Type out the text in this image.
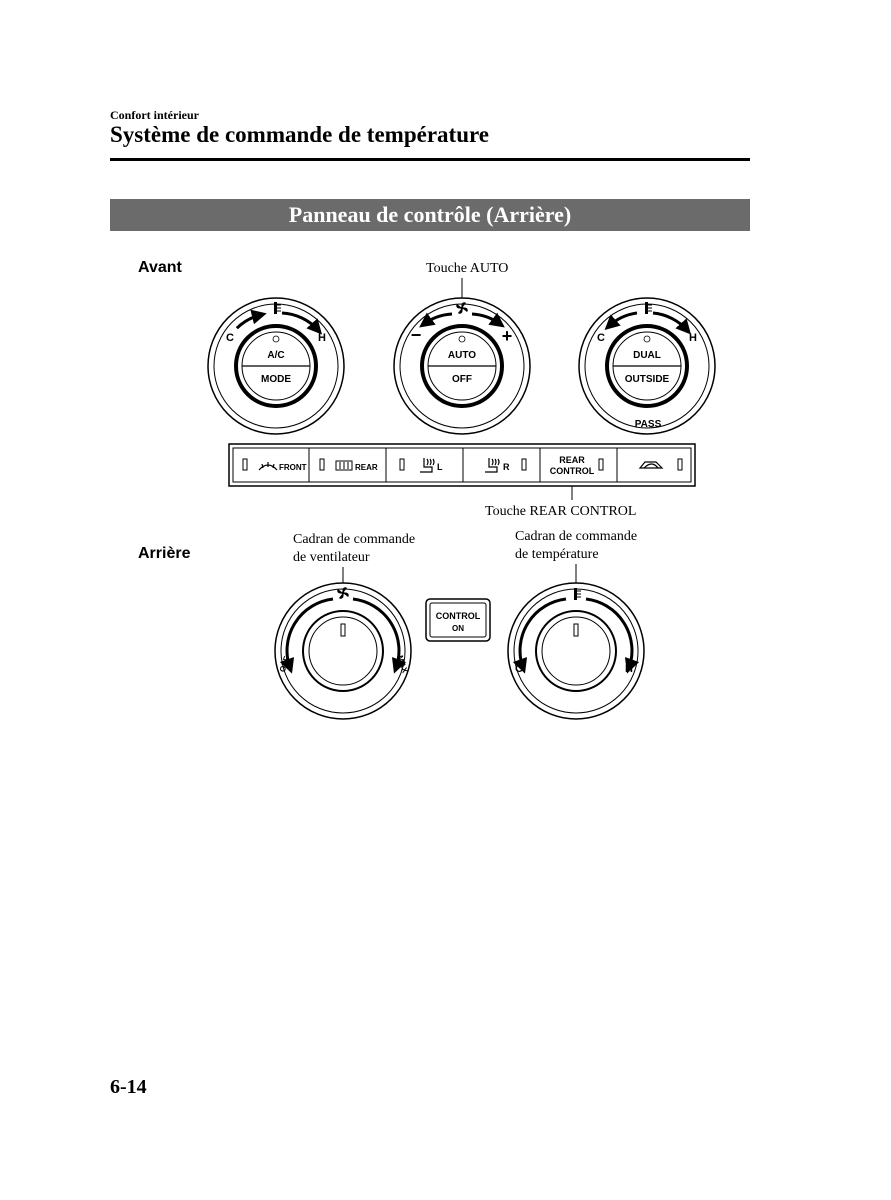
Confort intérieur
Système de commande de température
Panneau de contrôle (Arrière)
Avant	Touche AUTO
Touche REAR CONTROL
Arrière
Cadran de commande
de ventilateur
Cadran de commande
de température
C	H
A/C
MODE
−	+
AUTO
OFF
C	H
DUAL
OUTSIDE
PASS
FRONT	REAR	L	R
REAR
CONTROL
OFF	MAX
CONTROL
ON
C	H
6-14
